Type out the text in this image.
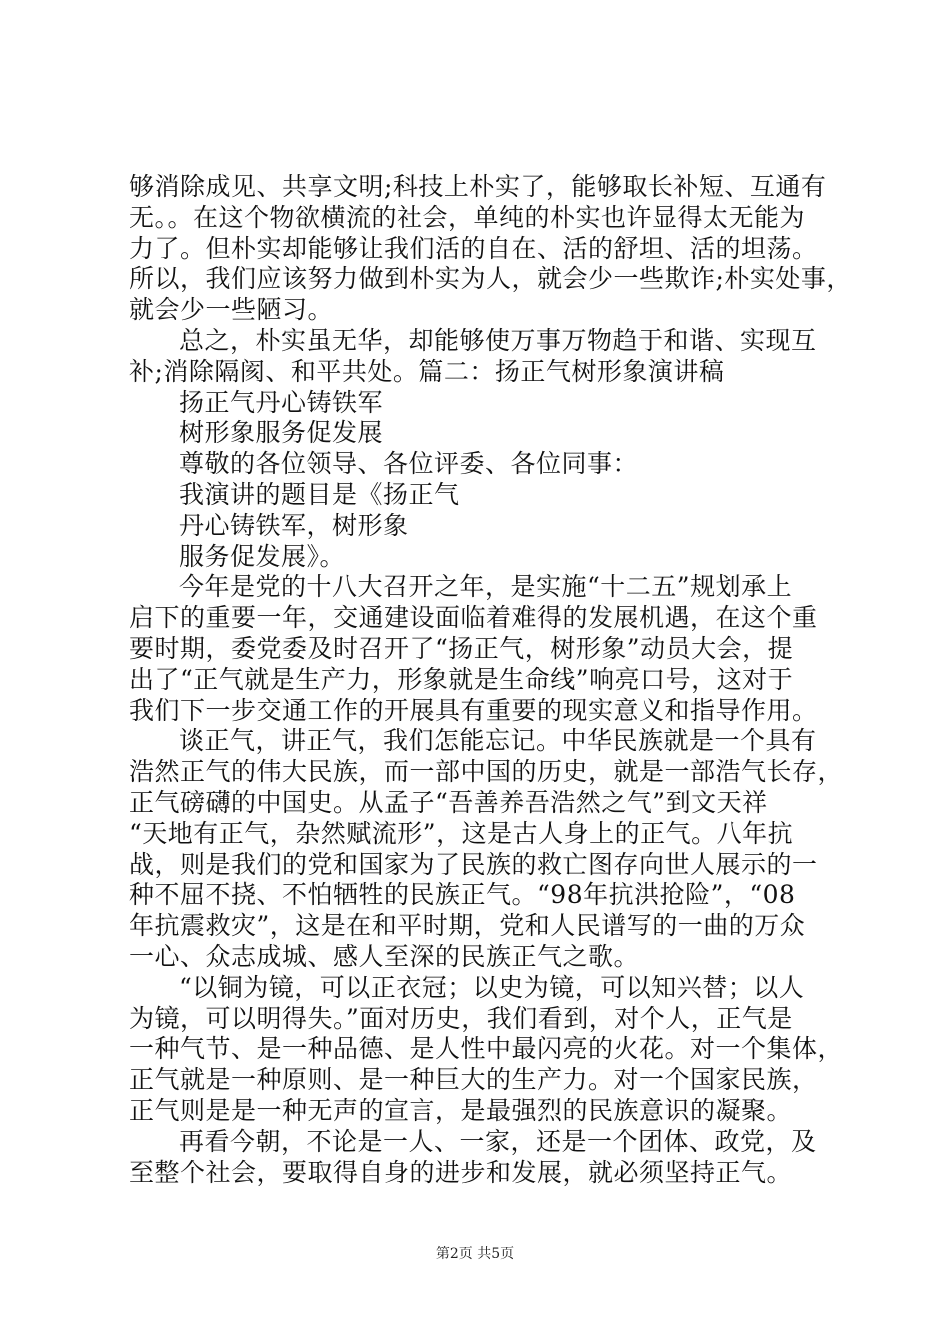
够消除成见、共享文明;科技上朴实了，能够取长补短、互通有
无。。在这个物欲横流的社会，单纯的朴实也许显得太无能为
力了。但朴实却能够让我们活的自在、活的舒坦、活的坦荡。
所以，我们应该努力做到朴实为人，就会少一些欺诈;朴实处事，
就会少一些陋习。
总之，朴实虽无华，却能够使万事万物趋于和谐、实现互
补;消除隔阂、和平共处。篇二：扬正气树形象演讲稿
扬正气丹心铸铁军
树形象服务促发展
尊敬的各位领导、各位评委、各位同事：
我演讲的题目是《扬正气
丹心铸铁军，树形象
服务促发展》。
今年是党的十八大召开之年，是实施“十二五”规划承上
启下的重要一年，交通建设面临着难得的发展机遇，在这个重
要时期，委党委及时召开了“扬正气，树形象”动员大会，提
出了“正气就是生产力，形象就是生命线”响亮口号，这对于
我们下一步交通工作的开展具有重要的现实意义和指导作用。
谈正气，讲正气，我们怎能忘记。中华民族就是一个具有
浩然正气的伟大民族，而一部中国的历史，就是一部浩气长存，
正气磅礴的中国史。从孟子“吾善养吾浩然之气”到文天祥
“天地有正气，杂然赋流形”，这是古人身上的正气。八年抗
战，则是我们的党和国家为了民族的救亡图存向世人展示的一
种不屈不挠、不怕牺牲的民族正气。“98年抗洪抢险”，“08
年抗震救灾”，这是在和平时期，党和人民谱写的一曲的万众
一心、众志成城、感人至深的民族正气之歌。
“以铜为镜，可以正衣冠；以史为镜，可以知兴替；以人
为镜，可以明得失。”面对历史，我们看到，对个人，正气是
一种气节、是一种品德、是人性中最闪亮的火花。对一个集体，
正气就是一种原则、是一种巨大的生产力。对一个国家民族，
正气则是是一种无声的宣言，是最强烈的民族意识的凝聚。
再看今朝，不论是一人、一家，还是一个团体、政党，及
至整个社会，要取得自身的进步和发展，就必须坚持正气。
第2页 共5页
